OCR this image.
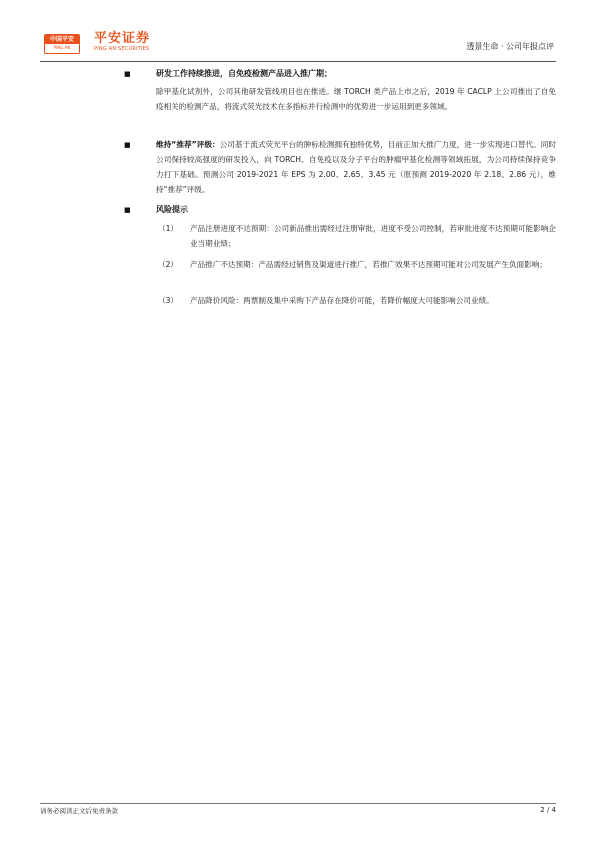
中国平安
PING AN
平安证券
PING AN SECURITIES	透景生命 · 公司年报点评
■	研发工作持续推进，自免疫检测产品进入推广期；
除甲基化试剂外，公司其他研发管线项目也在推进。继 TORCH 类产品上市之后，2019 年 CACLP 上公司推出了自免疫相关的检测产品，将流式荧光技术在多指标并行检测中的优势进一步运用到更多领域。
■	维持“推荐”评级：公司基于流式荧光平台的肿标检测拥有独特优势，目前正加大推广力度，进一步实现进口替代。同时公司保持较高强度的研发投入，向 TORCH、自免疫以及分子平台的肿瘤甲基化检测等领域拓展，为公司持续保持竞争力打下基础。预测公司 2019-2021 年 EPS 为 2.00、2.65、3.45 元（原预测 2019-2020 年 2.18、2.86 元），维持“推荐”评级。
■	风险提示
（1） 产品注册进度不达预期：公司新品推出需经过注册审批，进度不受公司控制，若审批进度不达预期可能影响企业当期业绩；
（2） 产品推广不达预期：产品需经过销售及渠道进行推广，若推广效果不达预期可能对公司发展产生负面影响；
（3） 产品降价风险：两票制及集中采购下产品存在降价可能，若降价幅度大可能影响公司业绩。
请务必阅读正文后免责条款	2 / 4
